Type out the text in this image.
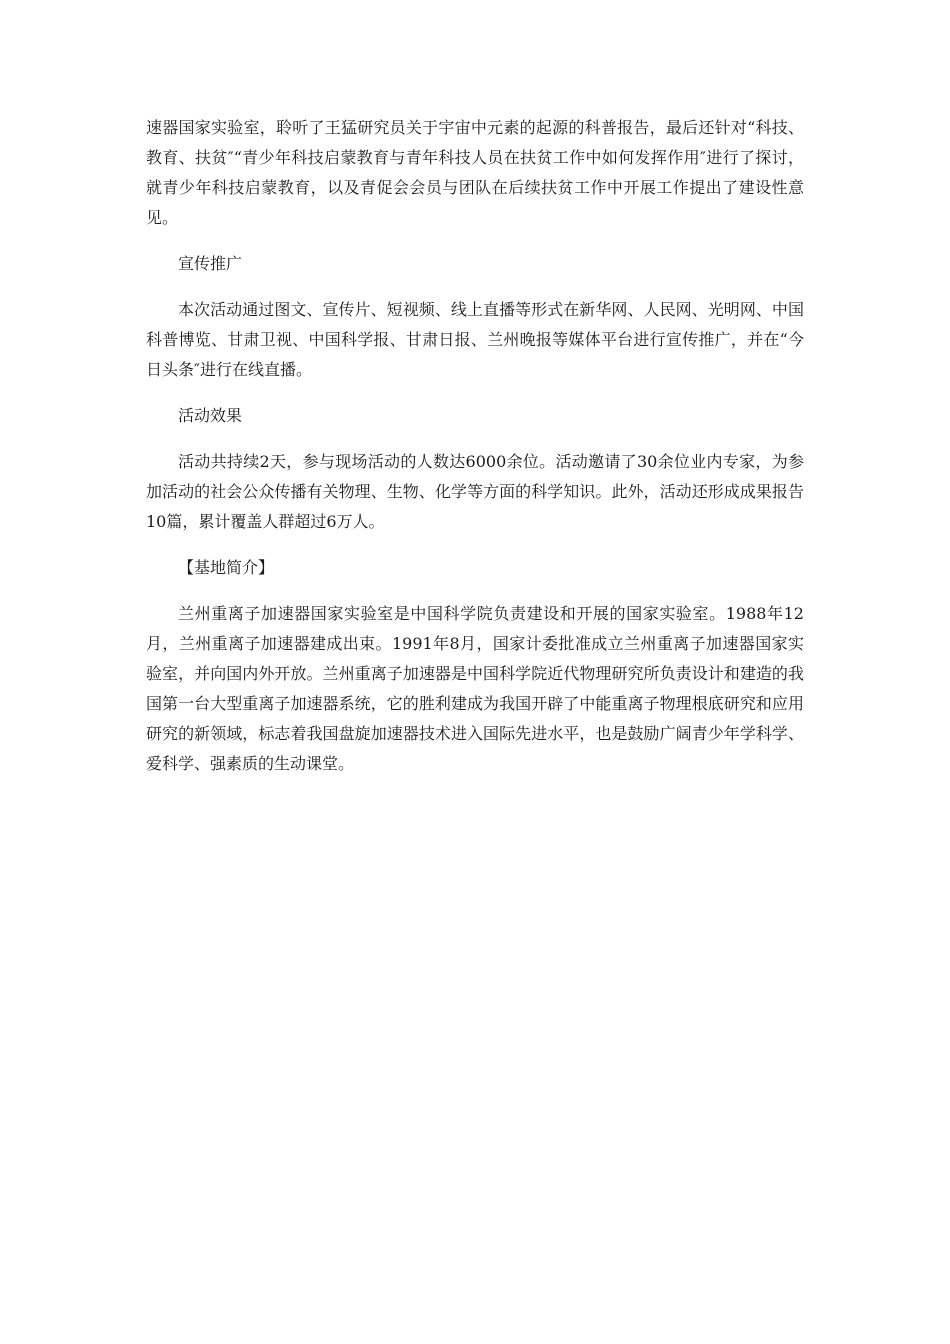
速器国家实验室，聆听了王猛研究员关于宇宙中元素的起源的科普报告，最后还针对“科技、教育、扶贫″“青少年科技启蒙教育与青年科技人员在扶贫工作中如何发挥作用″进行了探讨，就青少年科技启蒙教育，以及青促会会员与团队在后续扶贫工作中开展工作提出了建设性意见。

宣传推广

本次活动通过图文、宣传片、短视频、线上直播等形式在新华网、人民网、光明网、中国科普博览、甘肃卫视、中国科学报、甘肃日报、兰州晚报等媒体平台进行宣传推广，并在“今日头条″进行在线直播。

活动效果

活动共持续2天，参与现场活动的人数达6000余位。活动邀请了30余位业内专家，为参加活动的社会公众传播有关物理、生物、化学等方面的科学知识。此外，活动还形成成果报告10篇，累计覆盖人群超过6万人。

【基地简介】

兰州重离子加速器国家实验室是中国科学院负责建设和开展的国家实验室。1988年12月，兰州重离子加速器建成出束。1991年8月，国家计委批准成立兰州重离子加速器国家实验室，并向国内外开放。兰州重离子加速器是中国科学院近代物理研究所负责设计和建造的我国第一台大型重离子加速器系统，它的胜利建成为我国开辟了中能重离子物理根底研究和应用研究的新领域，标志着我国盘旋加速器技术进入国际先进水平，也是鼓励广阔青少年学科学、爱科学、强素质的生动课堂。
